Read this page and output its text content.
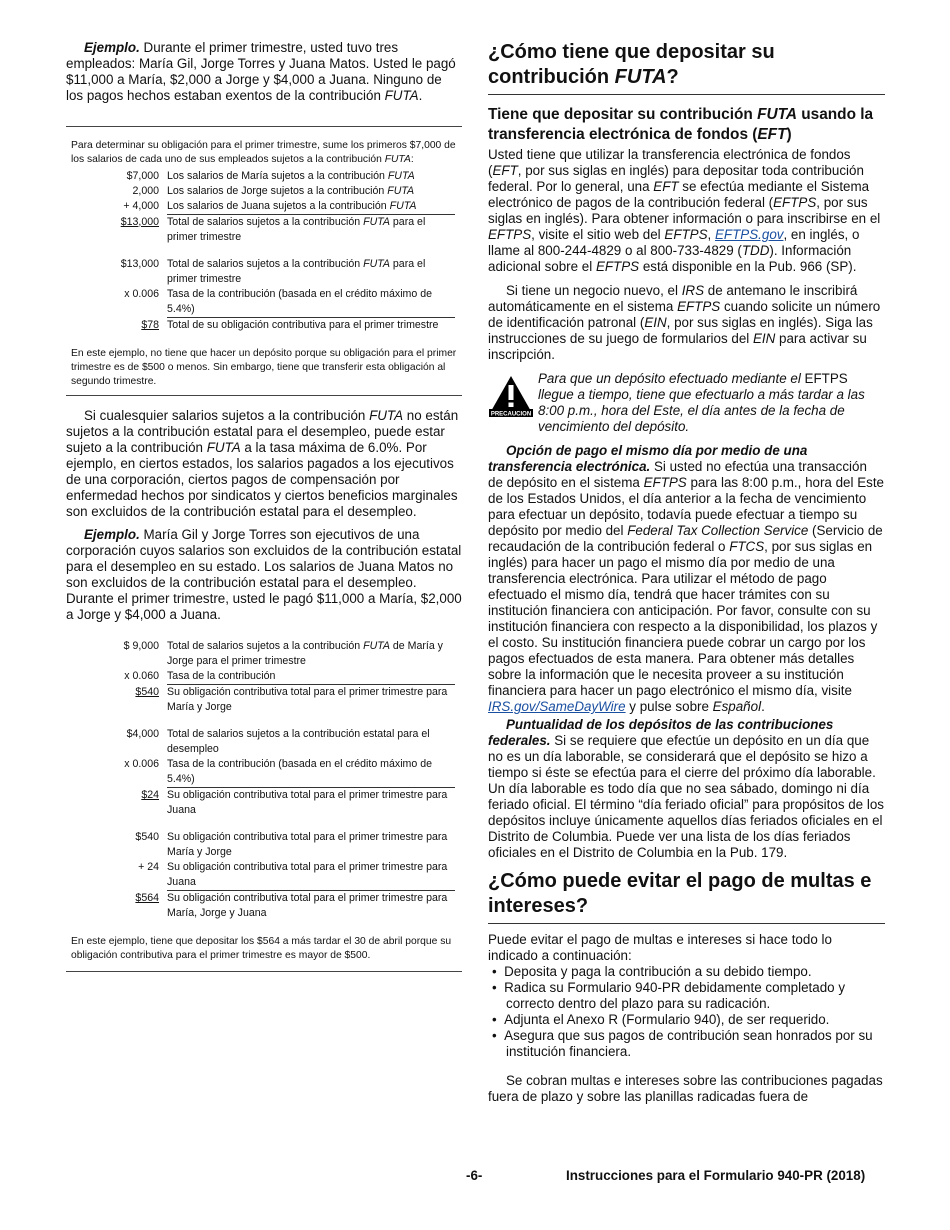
Ejemplo. Durante el primer trimestre, usted tuvo tres empleados: María Gil, Jorge Torres y Juana Matos. Usted le pagó $11,000 a María, $2,000 a Jorge y $4,000 a Juana. Ninguno de los pagos hechos estaban exentos de la contribución FUTA.

Para determinar su obligación para el primer trimestre, sume los primeros $7,000 de los salarios de cada uno de sus empleados sujetos a la contribución FUTA:
$7,000	Los salarios de María sujetos a la contribución FUTA
2,000	Los salarios de Jorge sujetos a la contribución FUTA
+ 4,000	Los salarios de Juana sujetos a la contribución FUTA
$13,000	Total de salarios sujetos a la contribución FUTA para el primer trimestre

$13,000	Total de salarios sujetos a la contribución FUTA para el primer trimestre
x 0.006	Tasa de la contribución (basada en el crédito máximo de 5.4%)
$78	Total de su obligación contributiva para el primer trimestre
En este ejemplo, no tiene que hacer un depósito porque su obligación para el primer trimestre es de $500 o menos. Sin embargo, tiene que transferir esta obligación al segundo trimestre.

Si cualesquier salarios sujetos a la contribución FUTA no están sujetos a la contribución estatal para el desempleo, puede estar sujeto a la contribución FUTA a la tasa máxima de 6.0%. Por ejemplo, en ciertos estados, los salarios pagados a los ejecutivos de una corporación, ciertos pagos de compensación por enfermedad hechos por sindicatos y ciertos beneficios marginales son excluidos de la contribución estatal para el desempleo.

Ejemplo. María Gil y Jorge Torres son ejecutivos de una corporación cuyos salarios son excluidos de la contribución estatal para el desempleo en su estado. Los salarios de Juana Matos no son excluidos de la contribución estatal para el desempleo. Durante el primer trimestre, usted le pagó $11,000 a María, $2,000 a Jorge y $4,000 a Juana.

$ 9,000	Total de salarios sujetos a la contribución FUTA de María y Jorge para el primer trimestre
x 0.060	Tasa de la contribución
$540	Su obligación contributiva total para el primer trimestre para María y Jorge

$4,000	Total de salarios sujetos a la contribución estatal para el desempleo
x 0.006	Tasa de la contribución (basada en el crédito máximo de 5.4%)
$24	Su obligación contributiva total para el primer trimestre para Juana

$540	Su obligación contributiva total para el primer trimestre para María y Jorge
+ 24	Su obligación contributiva total para el primer trimestre para Juana
$564	Su obligación contributiva total para el primer trimestre para María, Jorge y Juana
En este ejemplo, tiene que depositar los $564 a más tardar el 30 de abril porque su obligación contributiva para el primer trimestre es mayor de $500.
¿Cómo tiene que depositar su contribución FUTA?
Tiene que depositar su contribución FUTA usando la transferencia electrónica de fondos (EFT)

Usted tiene que utilizar la transferencia electrónica de fondos (EFT, por sus siglas en inglés) para depositar toda contribución federal. Por lo general, una EFT se efectúa mediante el Sistema electrónico de pagos de la contribución federal (EFTPS, por sus siglas en inglés). Para obtener información o para inscribirse en el EFTPS, visite el sitio web del EFTPS, EFTPS.gov, en inglés, o llame al 800-244-4829 o al 800-733-4829 (TDD). Información adicional sobre el EFTPS está disponible en la Pub. 966 (SP).

Si tiene un negocio nuevo, el IRS de antemano le inscribirá automáticamente en el sistema EFTPS cuando solicite un número de identificación patronal (EIN, por sus siglas en inglés). Siga las instrucciones de su juego de formularios del EIN para activar su inscripción.

PRECAUCION

Para que un depósito efectuado mediante el EFTPS llegue a tiempo, tiene que efectuarlo a más tardar a las 8:00 p.m., hora del Este, el día antes de la fecha de vencimiento del depósito.

Opción de pago el mismo día por medio de una transferencia electrónica. Si usted no efectúa una transacción de depósito en el sistema EFTPS para las 8:00 p.m., hora del Este de los Estados Unidos, el día anterior a la fecha de vencimiento para efectuar un depósito, todavía puede efectuar a tiempo su depósito por medio del Federal Tax Collection Service (Servicio de recaudación de la contribución federal o FTCS, por sus siglas en inglés) para hacer un pago el mismo día por medio de una transferencia electrónica. Para utilizar el método de pago efectuado el mismo día, tendrá que hacer trámites con su institución financiera con anticipación. Por favor, consulte con su institución financiera con respecto a la disponibilidad, los plazos y el costo. Su institución financiera puede cobrar un cargo por los pagos efectuados de esta manera. Para obtener más detalles sobre la información que le necesita proveer a su institución financiera para hacer un pago electrónico el mismo día, visite IRS.gov/SameDayWire y pulse sobre Español.

Puntualidad de los depósitos de las contribuciones federales. Si se requiere que efectúe un depósito en un día que no es un día laborable, se considerará que el depósito se hizo a tiempo si éste se efectúa para el cierre del próximo día laborable. Un día laborable es todo día que no sea sábado, domingo ni día feriado oficial. El término “día feriado oficial” para propósitos de los depósitos incluye únicamente aquellos días feriados oficiales en el Distrito de Columbia. Puede ver una lista de los días feriados oficiales en el Distrito de Columbia en la Pub. 179.

¿Cómo puede evitar el pago de multas e intereses?

Puede evitar el pago de multas e intereses si hace todo lo indicado a continuación:

•  Deposita y paga la contribución a su debido tiempo.

•  Radica su Formulario 940-PR debidamente completado y correcto dentro del plazo para su radicación.

•  Adjunta el Anexo R (Formulario 940), de ser requerido.

•  Asegura que sus pagos de contribución sean honrados por su institución financiera.

Se cobran multas e intereses sobre las contribuciones pagadas fuera de plazo y sobre las planillas radicadas fuera de

-6-	Instrucciones para el Formulario 940-PR (2018)
